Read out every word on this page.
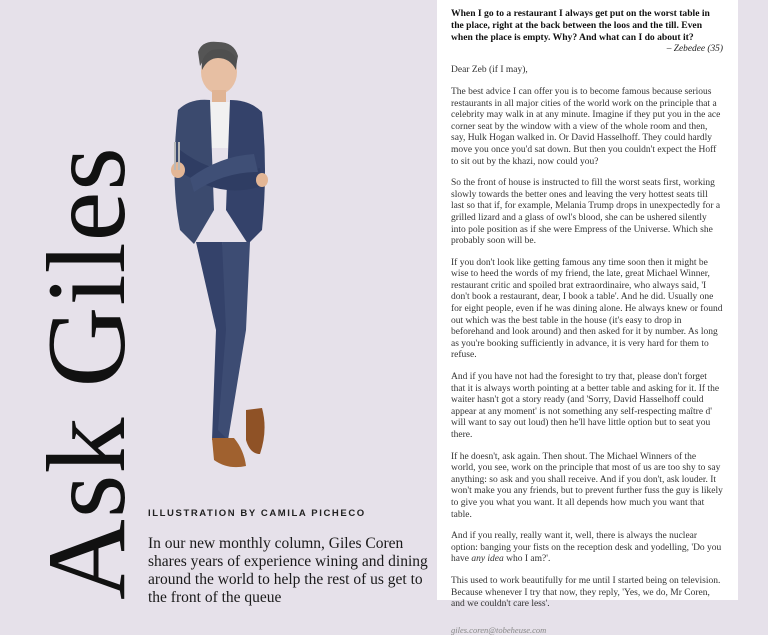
Ask Giles ILLUSTRATION BY CAMILA PICHECO
In our new monthly column, Giles Coren shares years of experience wining and dining around the world to help the rest of us get to the front of the queue

When I go to a restaurant I always get put on the worst table in the place, right at the back between the loos and the till. Even when the place is empty. Why? And what can I do about it?

– Zebedee (35)

Dear Zeb (if I may),

The best advice I can offer you is to become famous because serious restaurants in all major cities of the world work on the principle that a celebrity may walk in at any minute. Imagine if they put you in the ace corner seat by the window with a view of the whole room and then, say, Hulk Hogan walked in. Or David Hasselhoff. They could hardly move you once you'd sat down. But then you couldn't expect the Hoff to sit out by the khazi, now could you?

So the front of house is instructed to fill the worst seats first, working slowly towards the better ones and leaving the very hottest seats till last so that if, for example, Melania Trump drops in unexpectedly for a grilled lizard and a glass of owl's blood, she can be ushered silently into pole position as if she were Empress of the Universe. Which she probably soon will be.

If you don't look like getting famous any time soon then it might be wise to heed the words of my friend, the late, great Michael Winner, restaurant critic and spoiled brat extraordinaire, who always said, 'I don't book a restaurant, dear, I book a table'. And he did. Usually one for eight people, even if he was dining alone. He always knew or found out which was the best table in the house (it's easy to drop in beforehand and look around) and then asked for it by number. As long as you're booking sufficiently in advance, it is very hard for them to refuse.

And if you have not had the foresight to try that, please don't forget that it is always worth pointing at a better table and asking for it. If the waiter hasn't got a story ready (and 'Sorry, David Hasselhoff could appear at any moment' is not something any self-respecting maître d' will want to say out loud) then he'll have little option but to seat you there.

If he doesn't, ask again. Then shout. The Michael Winners of the world, you see, work on the principle that most of us are too shy to say anything: so ask and you shall receive. And if you don't, ask louder. It won't make you any friends, but to prevent further fuss the guy is likely to give you what you want. It all depends how much you want that table.

And if you really, really want it, well, there is always the nuclear option: banging your fists on the reception desk and yodelling, 'Do you have any idea who I am?'.

This used to work beautifully for me until I started being on television. Because whenever I try that now, they reply, 'Yes, we do, Mr Coren, and we couldn't care less'.

giles.coren@tobeheuse.com
